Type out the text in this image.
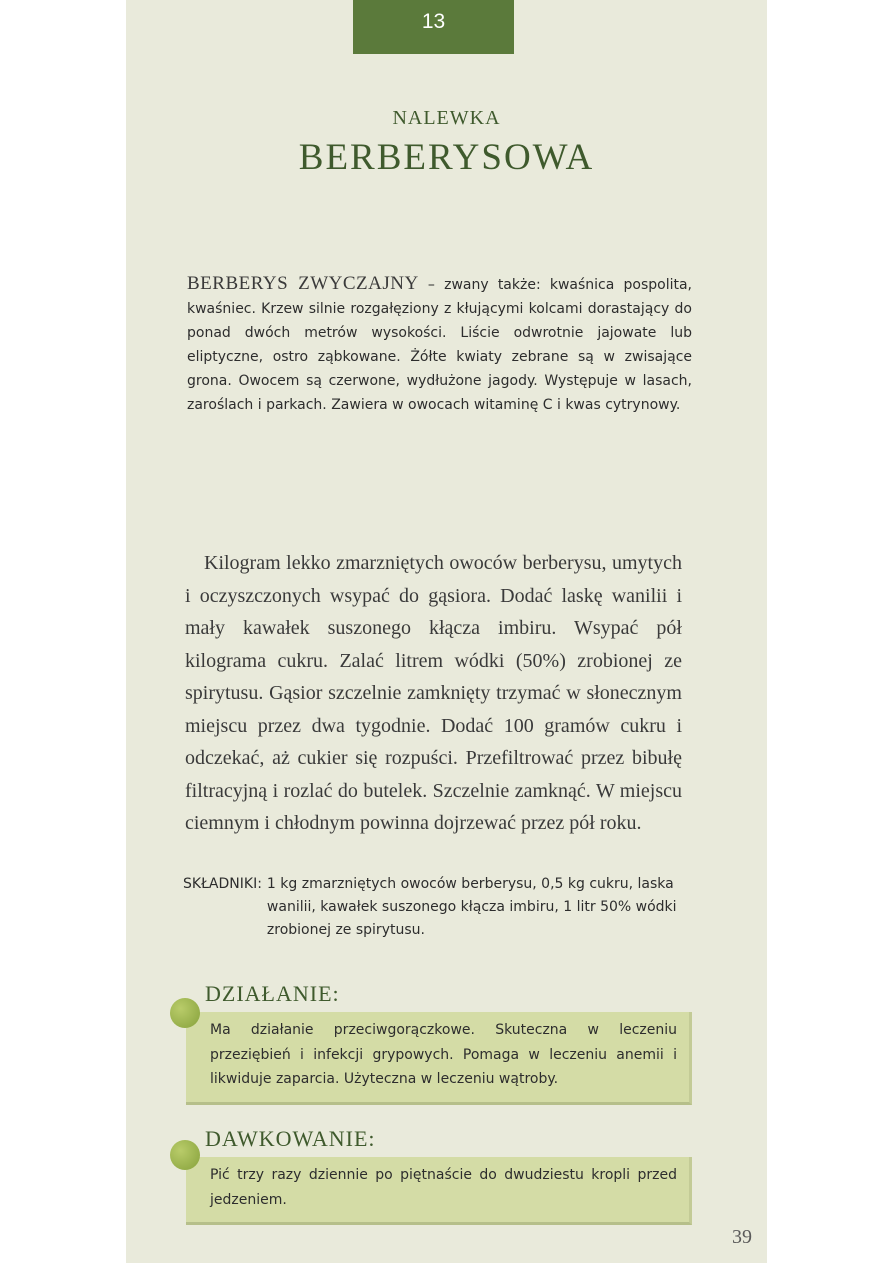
13
NALEWKA
BERBERYSOWA
BERBERYS ZWYCZAJNY – zwany także: kwaśnica pospolita, kwaśniec. Krzew silnie rozgałęziony z kłującymi kolcami dorastający do ponad dwóch metrów wysokości. Liście odwrotnie jajowate lub eliptyczne, ostro ząbkowane. Żółte kwiaty zebrane są w zwisające grona. Owocem są czerwone, wydłużone jagody. Występuje w lasach, zaroślach i parkach. Zawiera w owocach witaminę C i kwas cytrynowy.
Kilogram lekko zmarzniętych owoców berberysu, umytych i oczyszczonych wsypać do gąsiora. Dodać laskę wanilii i mały kawałek suszonego kłącza imbiru. Wsypać pół kilograma cukru. Zalać litrem wódki (50%) zrobionej ze spirytusu. Gąsior szczelnie zamknięty trzymać w słonecznym miejscu przez dwa tygodnie. Dodać 100 gramów cukru i odczekać, aż cukier się rozpuści. Przefiltrować przez bibułę filtracyjną i rozlać do butelek. Szczelnie zamknąć. W miejscu ciemnym i chłodnym powinna dojrzewać przez pół roku.
SKŁADNIKI: 1 kg zmarzniętych owoców berberysu, 0,5 kg cukru, laska wanilii, kawałek suszonego kłącza imbiru, 1 litr 50% wódki zrobionej ze spirytusu.
DZIAŁANIE:
Ma działanie przeciwgorączkowe. Skuteczna w leczeniu przeziębień i infekcji grypowych. Pomaga w leczeniu anemii i likwiduje zaparcia. Użyteczna w leczeniu wątroby.
DAWKOWANIE:
Pić trzy razy dziennie po piętnaście do dwudziestu kropli przed jedzeniem.
39
